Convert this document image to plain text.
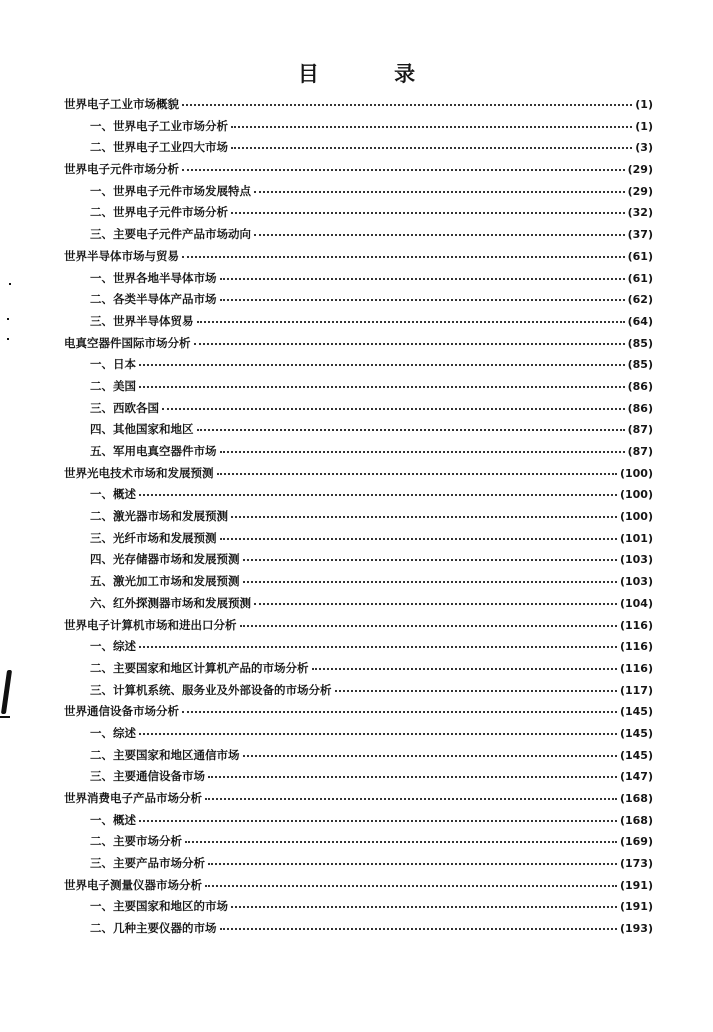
目 录
世界电子工业市场概貌	(1)
一、世界电子工业市场分析	(1)
二、世界电子工业四大市场	(3)
世界电子元件市场分析	(29)
一、世界电子元件市场发展特点	(29)
二、世界电子元件市场分析	(32)
三、主要电子元件产品市场动向	(37)
世界半导体市场与贸易	(61)
一、世界各地半导体市场	(61)
二、各类半导体产品市场	(62)
三、世界半导体贸易	(64)
电真空器件国际市场分析	(85)
一、日本	(85)
二、美国	(86)
三、西欧各国	(86)
四、其他国家和地区	(87)
五、军用电真空器件市场	(87)
世界光电技术市场和发展预测	(100)
一、概述	(100)
二、激光器市场和发展预测	(100)
三、光纤市场和发展预测	(101)
四、光存储器市场和发展预测	(103)
五、激光加工市场和发展预测	(103)
六、红外探测器市场和发展预测	(104)
世界电子计算机市场和进出口分析	(116)
一、综述	(116)
二、主要国家和地区计算机产品的市场分析	(116)
三、计算机系统、服务业及外部设备的市场分析	(117)
世界通信设备市场分析	(145)
一、综述	(145)
二、主要国家和地区通信市场	(145)
三、主要通信设备市场	(147)
世界消费电子产品市场分析	(168)
一、概述	(168)
二、主要市场分析	(169)
三、主要产品市场分析	(173)
世界电子测量仪器市场分析	(191)
一、主要国家和地区的市场	(191)
二、几种主要仪器的市场	(193)
